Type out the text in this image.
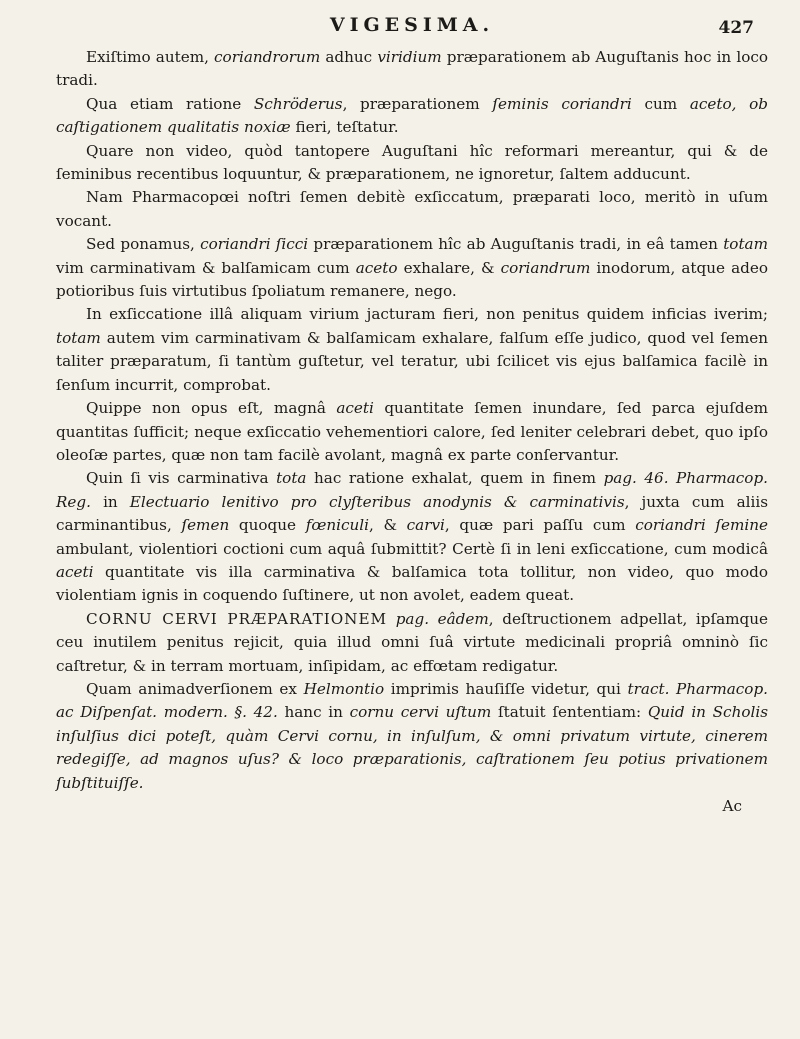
VIGESIMA.	427

Exiſtimo autem, coriandrorum adhuc viridium præparationem ab Auguſtanis hoc in loco tradi.

Qua etiam ratione Schröderus, præparationem ſeminis coriandri cum aceto, ob caſtigationem qualitatis noxiæ fieri, teſtatur.

Quare non video, quòd tantopere Auguſtani hîc reformari mereantur, qui & de ſeminibus recentibus loquuntur, & præparationem, ne ignoretur, ſaltem adducunt.

Nam Pharmacopœi noſtri ſemen debitè exſiccatum, præparati loco, meritò in uſum vocant.

Sed ponamus, coriandri ſicci præparationem hîc ab Auguſtanis tradi, in eâ tamen totam vim carminativam & balſamicam cum aceto exhalare, & coriandrum inodorum, atque adeo potioribus ſuis virtutibus ſpoliatum remanere, nego.

In exſiccatione illâ aliquam virium jacturam fieri, non penitus quidem inficias iverim; totam autem vim carminativam & balſamicam exhalare, falſum eſſe judico, quod vel ſemen taliter præparatum, ſi tantùm guſtetur, vel teratur, ubi ſcilicet vis ejus balſamica facilè in ſenſum incurrit, comprobat.

Quippe non opus eſt, magnâ aceti quantitate ſemen inundare, ſed parca ejuſdem quantitas ſufficit; neque exſiccatio vehementiori calore, ſed leniter celebrari debet, quo ipſo oleoſæ partes, quæ non tam facilè avolant, magnâ ex parte conſervantur.

Quin ſi vis carminativa tota hac ratione exhalat, quem in finem pag. 46. Pharmacop. Reg. in Electuario lenitivo pro clyſteribus anodynis & carminativis, juxta cum aliis carminantibus, ſemen quoque fœniculi, & carvi, quæ pari paſſu cum coriandri ſemine ambulant, violentiori coctioni cum aquâ ſubmittit? Certè ſi in leni exſiccatione, cum modicâ aceti quantitate vis illa carminativa & balſamica tota tollitur, non video, quo modo violentiam ignis in coquendo ſuſtinere, ut non avolet, eadem queat.

CORNU CERVI PRÆPARATIONEM pag. eâdem, deſtructionem adpellat, ipſamque ceu inutilem penitus rejicit, quia illud omni ſuâ virtute medicinali propriâ omninò ſic caſtretur, & in terram mortuam, inſipidam, ac effœtam redigatur.

Quam animadverſionem ex Helmontio imprimis hauſiſſe videtur, qui tract. Pharmacop. ac Diſpenſat. modern. §. 42. hanc in cornu cervi uſtum ſtatuit ſententiam: Quid in Scholis inſulſius dici poteſt, quàm Cervi cornu, in inſulſum, & omni privatum virtute, cinerem redegiſſe, ad magnos uſus? & loco præparationis, caſtrationem ſeu potius privationem ſubſtituiſſe.

Ac
